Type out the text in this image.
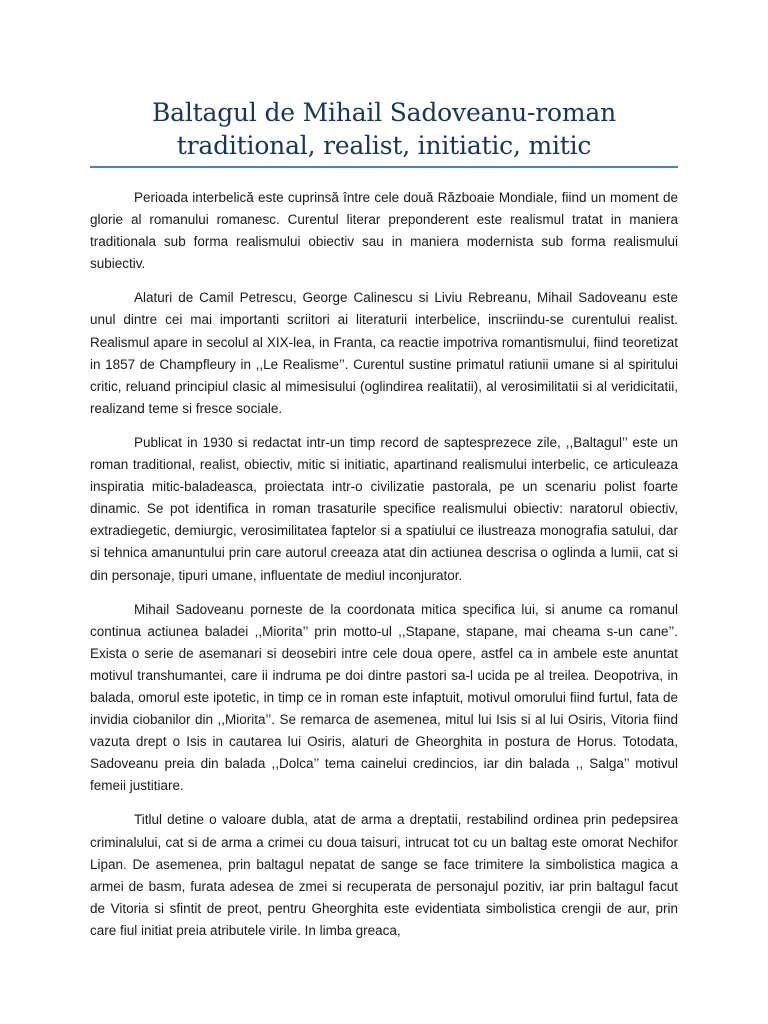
Baltagul de Mihail Sadoveanu-roman
traditional, realist, initiatic, mitic

Perioada interbelică este cuprinsă între cele două Războaie Mondiale, fiind un moment de glorie al romanului romanesc. Curentul literar preponderent este realismul tratat in maniera traditionala sub forma realismului obiectiv sau in maniera modernista sub forma realismului subiectiv.

Alaturi de Camil Petrescu, George Calinescu si Liviu Rebreanu, Mihail Sadoveanu este unul dintre cei mai importanti scriitori ai literaturii interbelice, inscriindu-se curentului realist. Realismul apare in secolul al XIX-lea, in Franta, ca reactie impotriva romantismului, fiind teoretizat in 1857 de Champfleury in ,,Le Realisme’’. Curentul sustine primatul ratiunii umane si al spiritului critic, reluand principiul clasic al mimesisului (oglindirea realitatii), al verosimilitatii si al veridicitatii, realizand teme si fresce sociale.

Publicat in 1930 si redactat intr-un timp record de saptesprezece zile, ,,Baltagul’’ este un roman traditional, realist, obiectiv, mitic si initiatic, apartinand realismului interbelic, ce articuleaza inspiratia mitic-baladeasca, proiectata intr-o civilizatie pastorala, pe un scenariu polist foarte dinamic. Se pot identifica in roman trasaturile specifice realismului obiectiv: naratorul obiectiv, extradiegetic, demiurgic, verosimilitatea faptelor si a spatiului ce ilustreaza monografia satului, dar si tehnica amanuntului prin care autorul creeaza atat din actiunea descrisa o oglinda a lumii, cat si din personaje, tipuri umane, influentate de mediul inconjurator.

Mihail Sadoveanu porneste de la coordonata mitica specifica lui, si anume ca romanul continua actiunea baladei ,,Miorita’’ prin motto-ul ,,Stapane, stapane, mai cheama s-un cane’’. Exista o serie de asemanari si deosebiri intre cele doua opere, astfel ca in ambele este anuntat motivul transhumantei, care ii indruma pe doi dintre pastori sa-l ucida pe al treilea. Deopotriva, in balada, omorul este ipotetic, in timp ce in roman este infaptuit, motivul omorului fiind furtul, fata de invidia ciobanilor din ,,Miorita’’. Se remarca de asemenea, mitul lui Isis si al lui Osiris, Vitoria fiind vazuta drept o Isis in cautarea lui Osiris, alaturi de Gheorghita in postura de Horus. Totodata, Sadoveanu preia din balada ,,Dolca’’ tema cainelui credincios, iar din balada ,, Salga’’ motivul femeii justitiare.

Titlul detine o valoare dubla, atat de arma a dreptatii, restabilind ordinea prin pedepsirea criminalului, cat si de arma a crimei cu doua taisuri, intrucat tot cu un baltag este omorat Nechifor Lipan. De asemenea, prin baltagul nepatat de sange se face trimitere la simbolistica magica a armei de basm, furata adesea de zmei si recuperata de personajul pozitiv, iar prin baltagul facut de Vitoria si sfintit de preot, pentru Gheorghita este evidentiata simbolistica crengii de aur, prin care fiul initiat preia atributele virile. In limba greaca,
